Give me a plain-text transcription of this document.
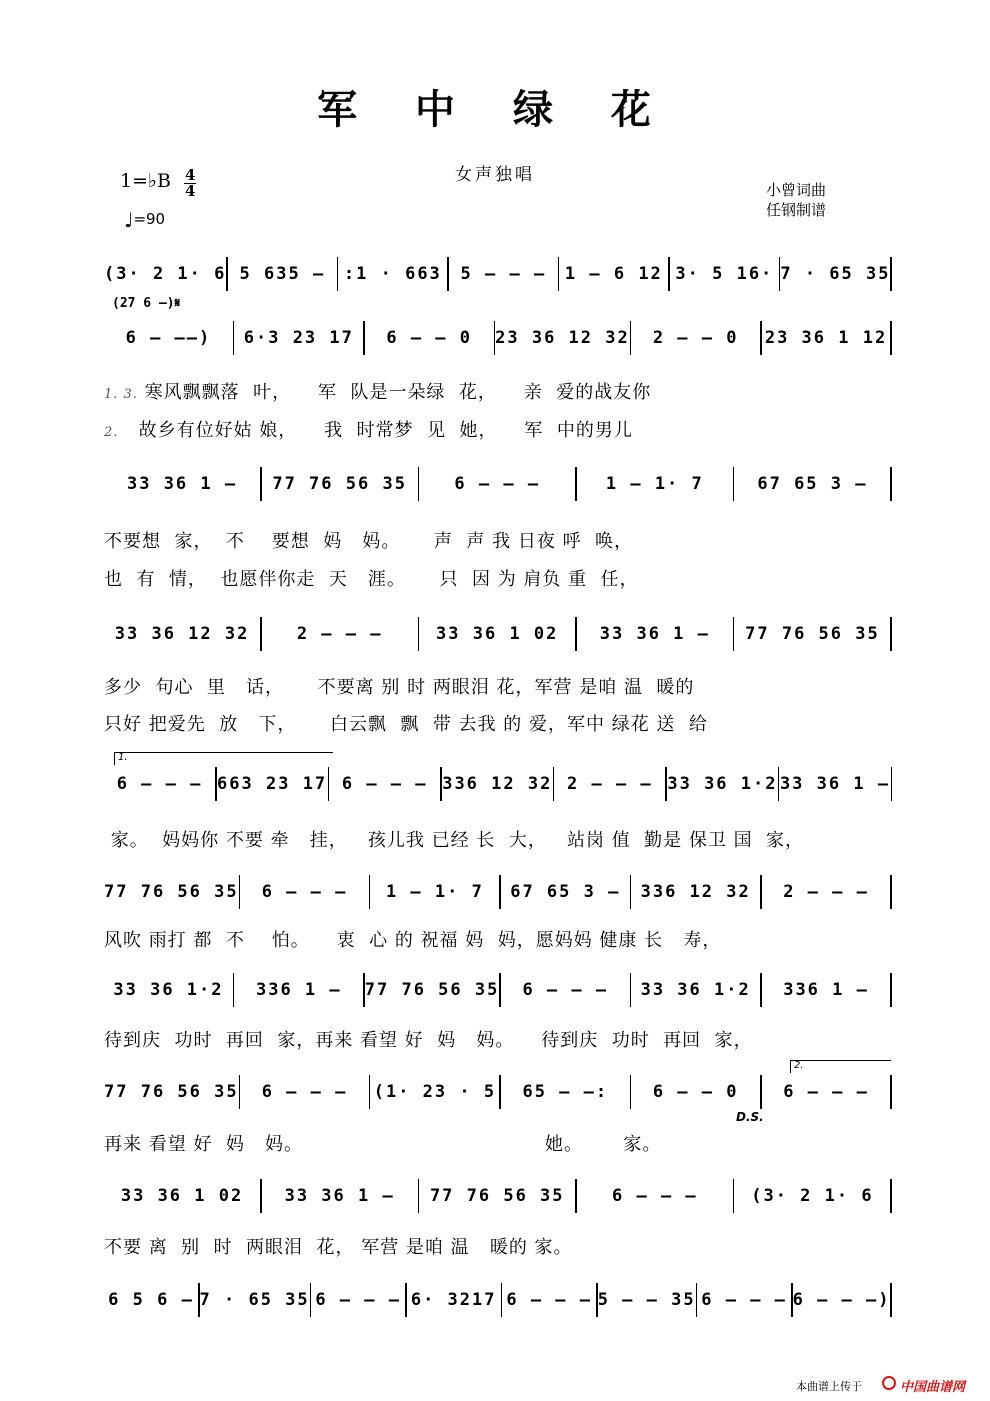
军 中 绿 花
女声独唱
1=♭B 4
4
♩=90
小曾词曲
任钢制谱
(3· 2 1· 6 5 635 – :1 · 663 5 – – – 1 – 6 12 3· 5 16· 7 · 65 35
6 – ––) 6·3 23 17 6 – – 0 23 36 12 32 2 – – 0 23 36 1 12
1. 3. 寒风飘飘落  叶，    军  队是一朵绿  花，    亲  爱的战友你
2.   故乡有位好姑 娘，    我  时常梦  见  她，    军  中的男儿
33 36 1 – 77 76 56 35	6 – – –	1 – 1· 7	67 65 3 –
不要想  家，  不    要想  妈   妈。     声  声 我 日夜 呼  唤，
也  有  情，  也愿伴你走  天   涯。     只  因 为 肩负 重  任，
33 36 12 32	2 – – –	33 36 1 02 33 36 1 – 77 76 56 35
多少  句心  里   话，     不要离 别 时 两眼泪 花，军营 是咱 温  暖的
只好 把爱先  放   下，     白云飘  飘  带 去我 的 爱，军中 绿花 送  给
6 – – – 663 23 17 6 – – – 336 12 32 2 – – – 33 36 1·2 33 36 1 –
家。  妈妈你 不要 牵   挂，   孩儿我 已经 长  大，   站岗 值  勤是 保卫 国  家，
77 76 56 35 6 – – – 1 – 1· 7 67 65 3 – 336 12 32 2 – – –
风吹 雨打 都  不    怕。    衷  心 的 祝福 妈  妈，愿妈妈 健康 长   寿，
33 36 1·2 336 1 – 77 76 56 35 6 – – – 33 36 1·2 336 1 –
待到庆  功时  再回  家，再来 看望 好  妈   妈。    待到庆  功时  再回  家，
77 76 56 35 6 – – – (1· 23 · 5 65 – –:	6 – – 0	6 – – –
再来 看望 好  妈   妈。                                    她。      家。
33 36 1 02 33 36 1 – 77 76 56 35	6 – – –	(3· 2 1· 6
不要 离  别  时  两眼泪  花， 军营 是咱 温   暖的 家。
6 5 6 – 7 · 65 35 6 – – – 6· 3217 6 – – – 5 – – 35 6 – – – 6 – – –)
(27 6 –)𝄋
1.
2.
D.S.
本曲谱上传于	中国曲谱网
